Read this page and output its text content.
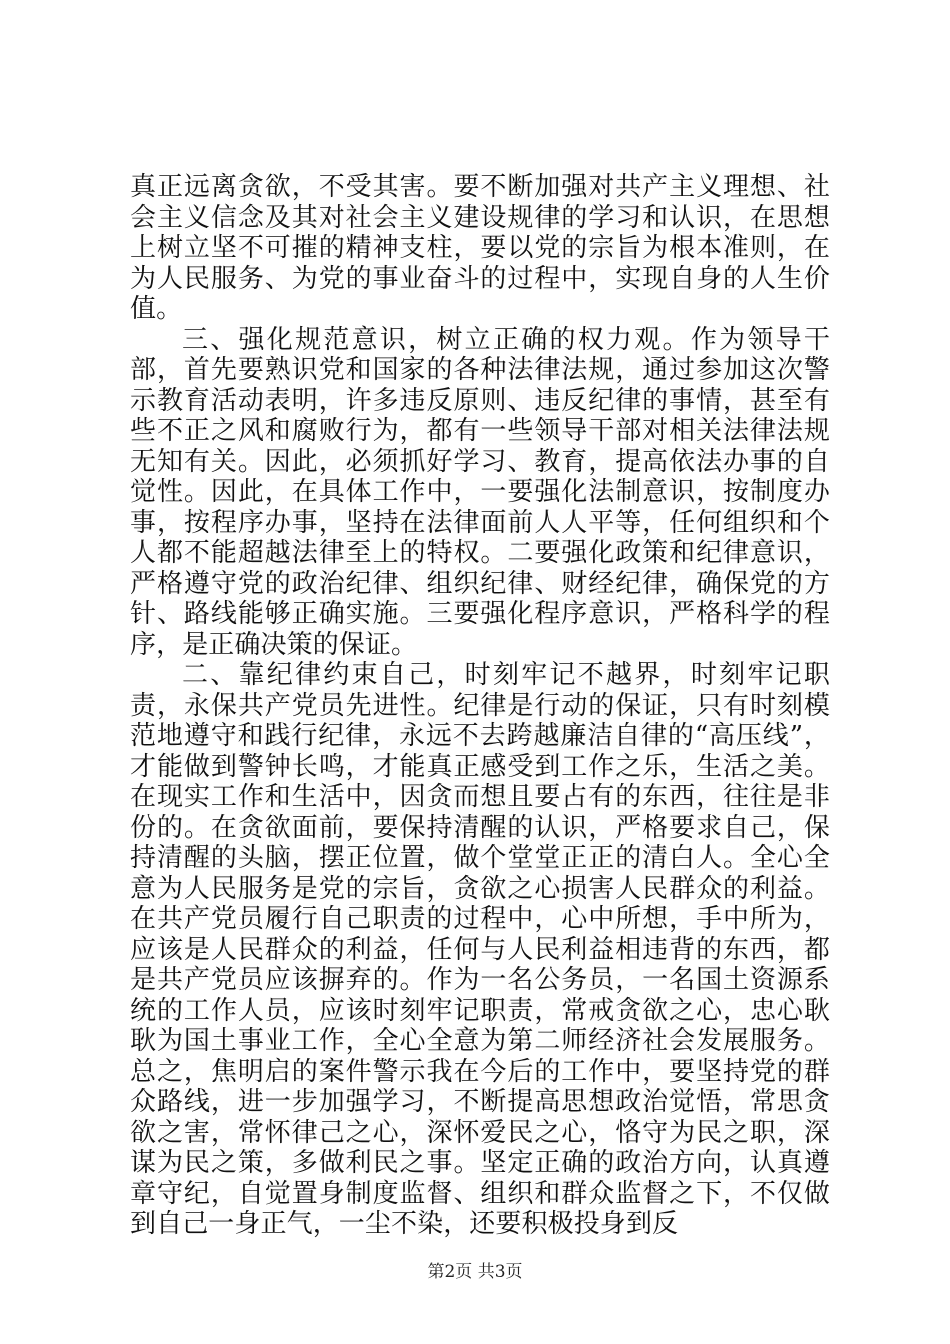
真正远离贪欲，不受其害。要不断加强对共产主义理想、社会主义信念及其对社会主义建设规律的学习和认识，在思想上树立坚不可摧的精神支柱，要以党的宗旨为根本准则，在为人民服务、为党的事业奋斗的过程中，实现自身的人生价值。

三、强化规范意识，树立正确的权力观。作为领导干部，首先要熟识党和国家的各种法律法规，通过参加这次警示教育活动表明，许多违反原则、违反纪律的事情，甚至有些不正之风和腐败行为，都有一些领导干部对相关法律法规无知有关。因此，必须抓好学习、教育，提高依法办事的自觉性。因此，在具体工作中，一要强化法制意识，按制度办事，按程序办事，坚持在法律面前人人平等，任何组织和个人都不能超越法律至上的特权。二要强化政策和纪律意识，严格遵守党的政治纪律、组织纪律、财经纪律，确保党的方针、路线能够正确实施。三要强化程序意识，严格科学的程序，是正确决策的保证。

二、靠纪律约束自己，时刻牢记不越界，时刻牢记职责，永保共产党员先进性。纪律是行动的保证，只有时刻模范地遵守和践行纪律，永远不去跨越廉洁自律的“高压线”，才能做到警钟长鸣，才能真正感受到工作之乐，生活之美。在现实工作和生活中，因贪而想且要占有的东西，往往是非份的。在贪欲面前，要保持清醒的认识，严格要求自己，保持清醒的头脑，摆正位置，做个堂堂正正的清白人。全心全意为人民服务是党的宗旨，贪欲之心损害人民群众的利益。在共产党员履行自己职责的过程中，心中所想，手中所为，应该是人民群众的利益，任何与人民利益相违背的东西，都是共产党员应该摒弃的。作为一名公务员，一名国土资源系统的工作人员，应该时刻牢记职责，常戒贪欲之心，忠心耿耿为国土事业工作，全心全意为第二师经济社会发展服务。总之，焦明启的案件警示我在今后的工作中，要坚持党的群众路线，进一步加强学习，不断提高思想政治觉悟，常思贪欲之害，常怀律己之心，深怀爱民之心，恪守为民之职，深谋为民之策，多做利民之事。坚定正确的政治方向，认真遵章守纪，自觉置身制度监督、组织和群众监督之下，不仅做到自己一身正气，一尘不染，还要积极投身到反

第2页 共3页
